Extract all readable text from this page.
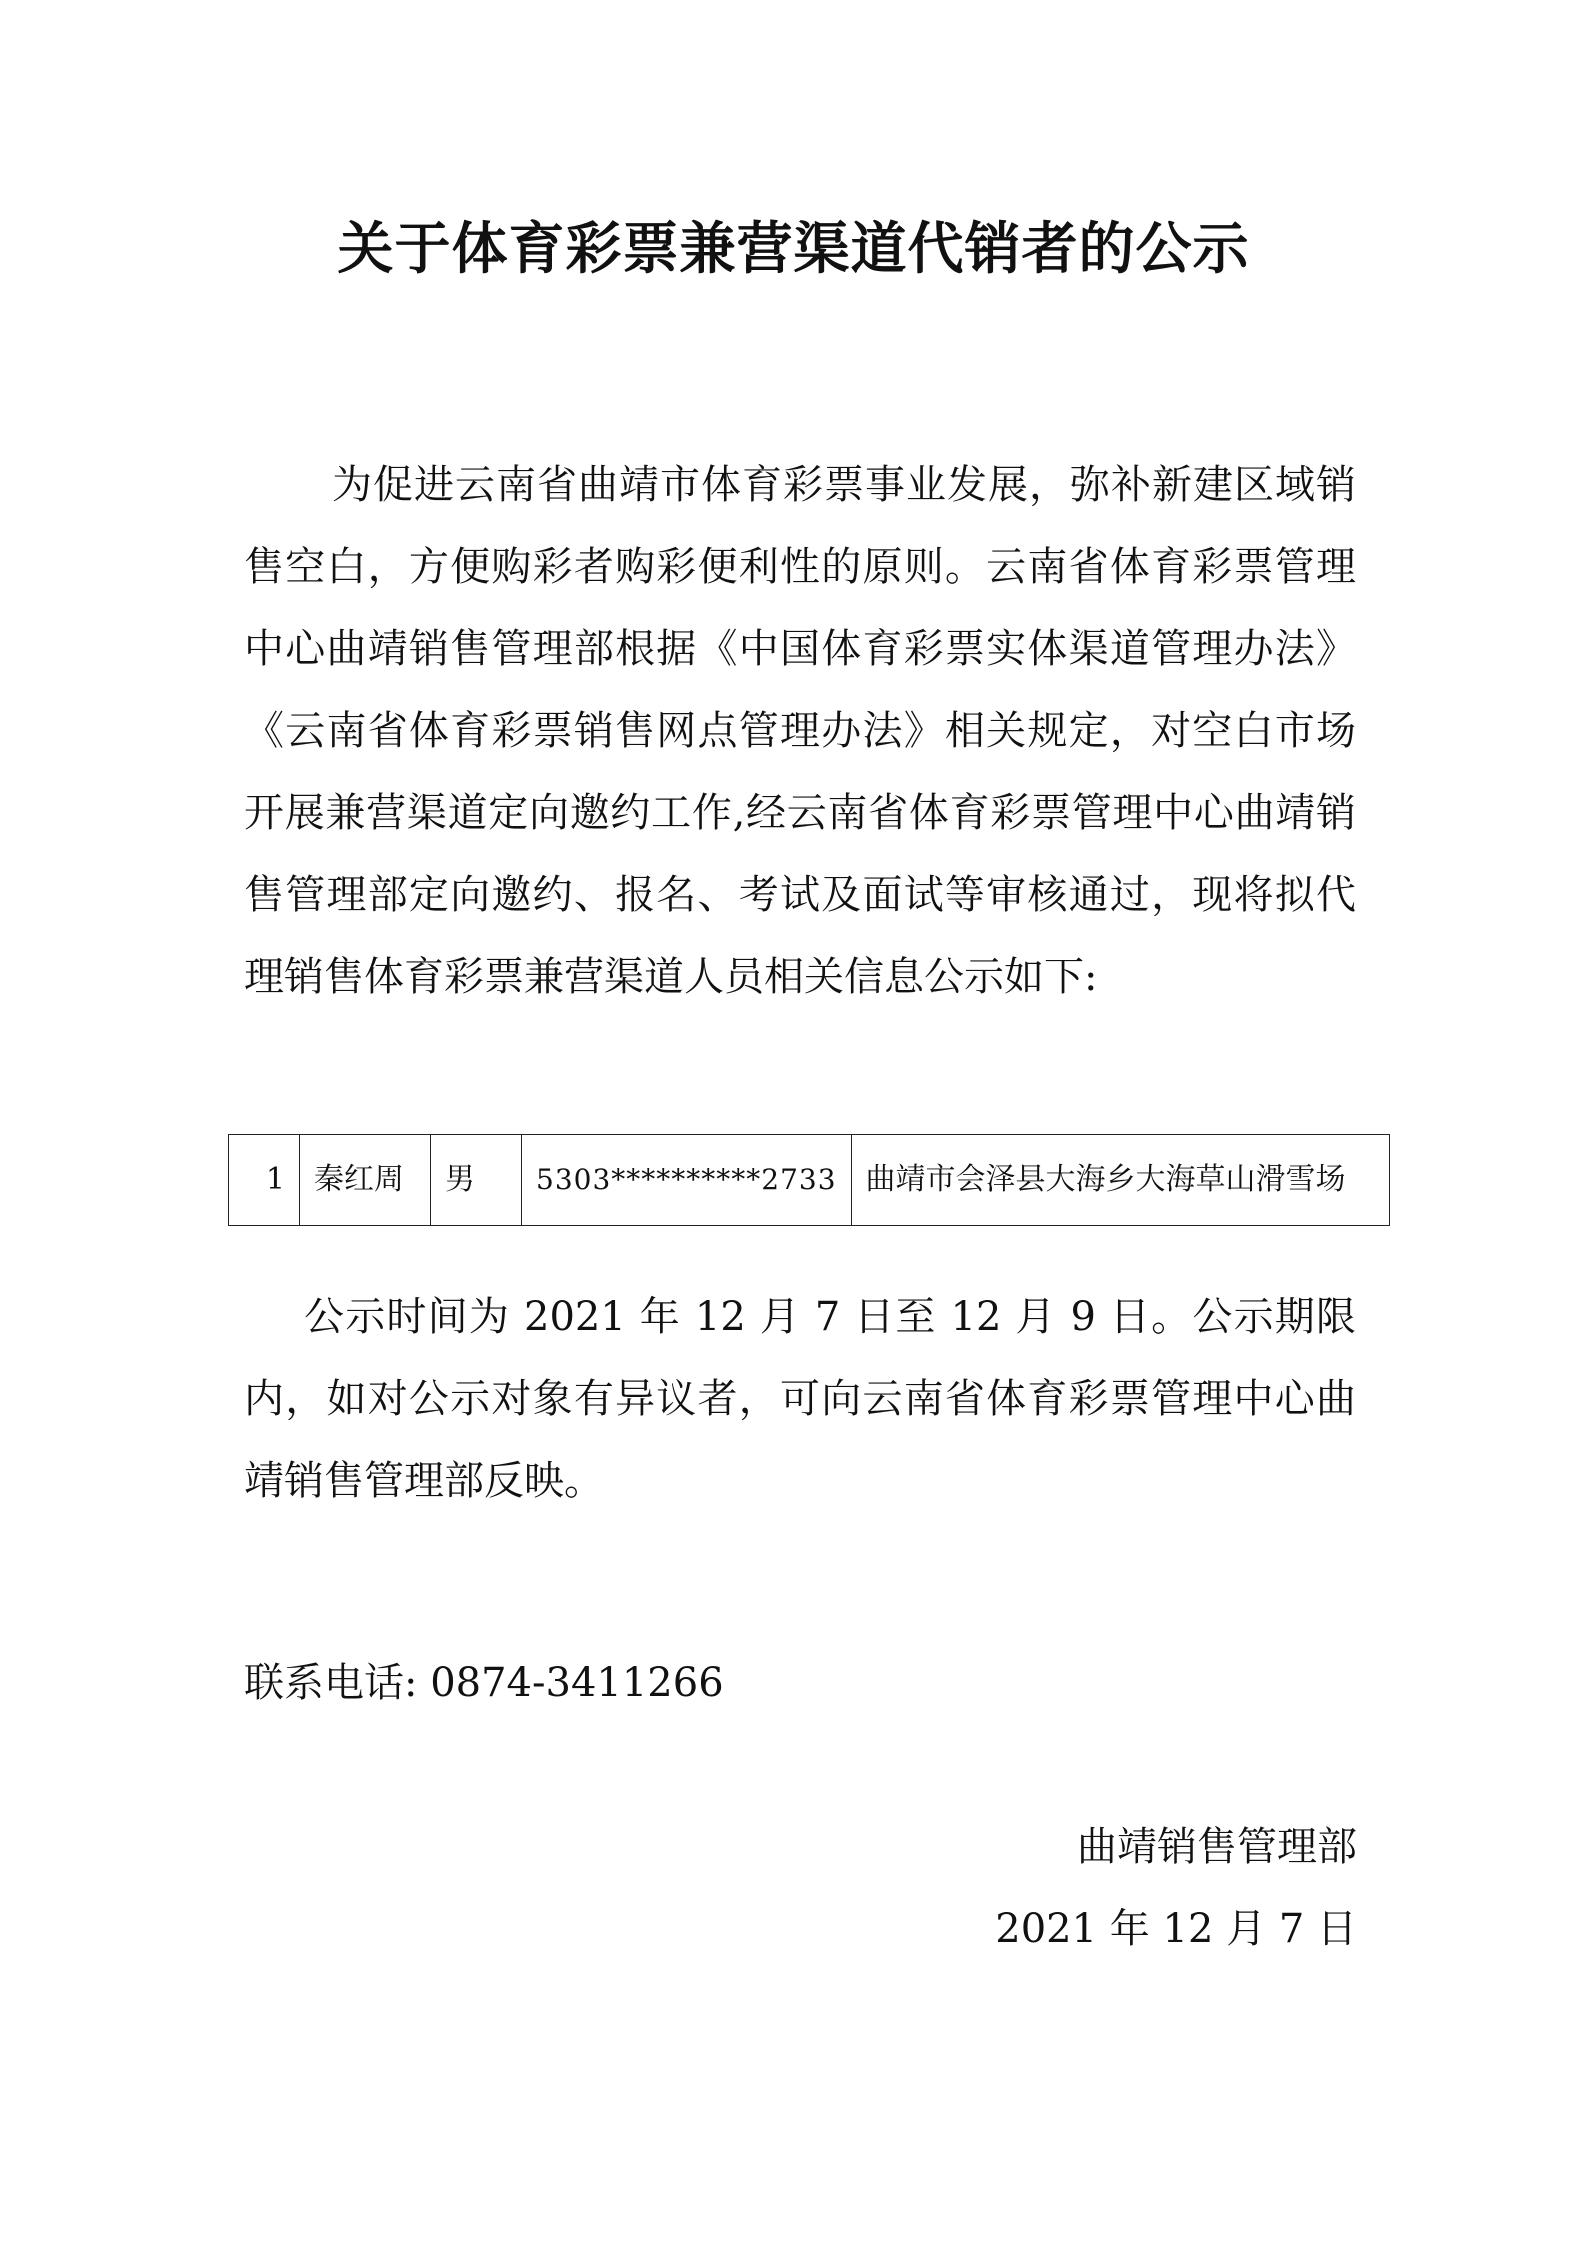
关于体育彩票兼营渠道代销者的公示

为促进云南省曲靖市体育彩票事业发展，弥补新建区域销售空白，方便购彩者购彩便利性的原则。云南省体育彩票管理中心曲靖销售管理部根据《中国体育彩票实体渠道管理办法》《云南省体育彩票销售网点管理办法》相关规定，对空白市场开展兼营渠道定向邀约工作,经云南省体育彩票管理中心曲靖销售管理部定向邀约、报名、考试及面试等审核通过，现将拟代理销售体育彩票兼营渠道人员相关信息公示如下:

1	秦红周	男	5303**********2733	曲靖市会泽县大海乡大海草山滑雪场

公示时间为 2021 年 12 月 7 日至 12 月 9 日。公示期限内，如对公示对象有异议者，可向云南省体育彩票管理中心曲靖销售管理部反映。

联系电话: 0874-3411266

曲靖销售管理部

2021 年 12 月 7 日
